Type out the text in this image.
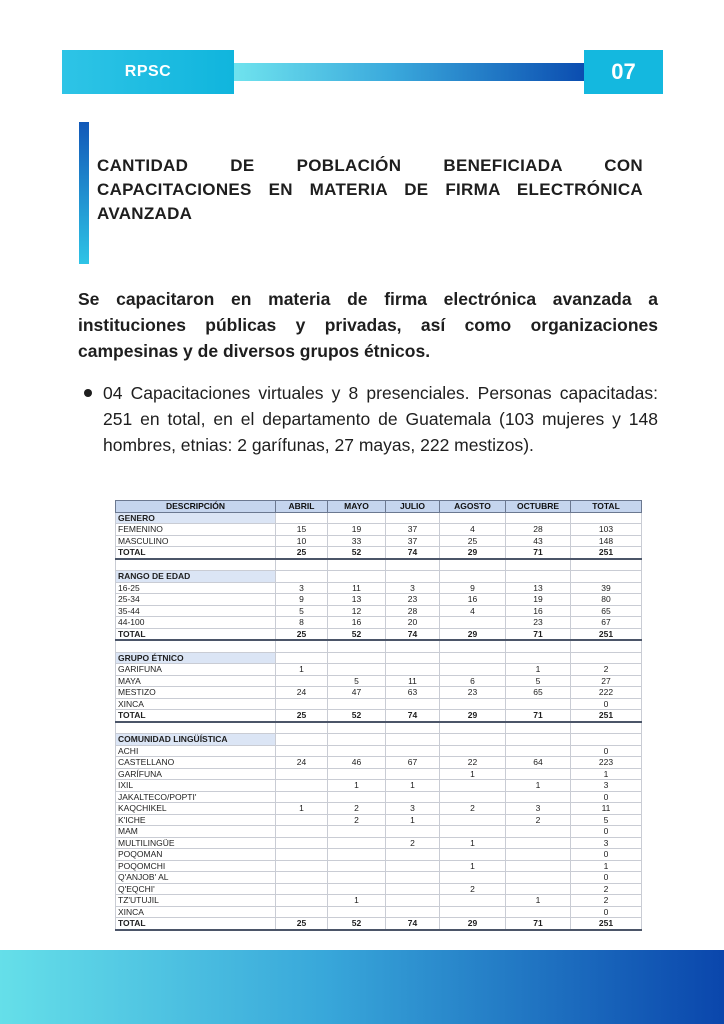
RPSC	07
CANTIDAD DE POBLACIÓN BENEFICIADA CON CAPACITACIONES EN MATERIA DE FIRMA ELECTRÓNICA AVANZADA
Se capacitaron en materia de firma electrónica avanzada a instituciones públicas y privadas, así como organizaciones campesinas y de diversos grupos étnicos.
04 Capacitaciones virtuales y 8 presenciales. Personas capacitadas: 251 en total, en el departamento de Guatemala (103 mujeres y 148 hombres, etnias: 2 garífunas, 27 mayas, 222 mestizos).
DESCRIPCIÓN	ABRIL	MAYO	JULIO	AGOSTO	OCTUBRE	TOTAL
GENERO						
FEMENINO	15	19	37	4	28	103
MASCULINO	10	33	37	25	43	148
TOTAL	25	52	74	29	71	251

RANGO DE EDAD						
16-25	3	11	3	9	13	39
25-34	9	13	23	16	19	80
35-44	5	12	28	4	16	65
44-100	8	16	20		23	67
TOTAL	25	52	74	29	71	251

GRUPO ÉTNICO						
GARIFUNA	1				1	2
MAYA		5	11	6	5	27
MESTIZO	24	47	63	23	65	222
XINCA						0
TOTAL	25	52	74	29	71	251

COMUNIDAD LINGÜÍSTICA						
ACHI						0
CASTELLANO	24	46	67	22	64	223
GARÍFUNA				1		1
IXIL		1	1		1	3
JAKALTECO/POPTI'						0
KAQCHIKEL	1	2	3	2	3	11
K'ICHE		2	1		2	5
MAM						0
MULTILINGÜE			2	1		3
POQOMAN						0
POQOMCHI				1		1
Q'ANJOB' AL						0
Q'EQCHI'				2		2
TZ'UTUJIL		1			1	2
XINCA						0
TOTAL	25	52	74	29	71	251
